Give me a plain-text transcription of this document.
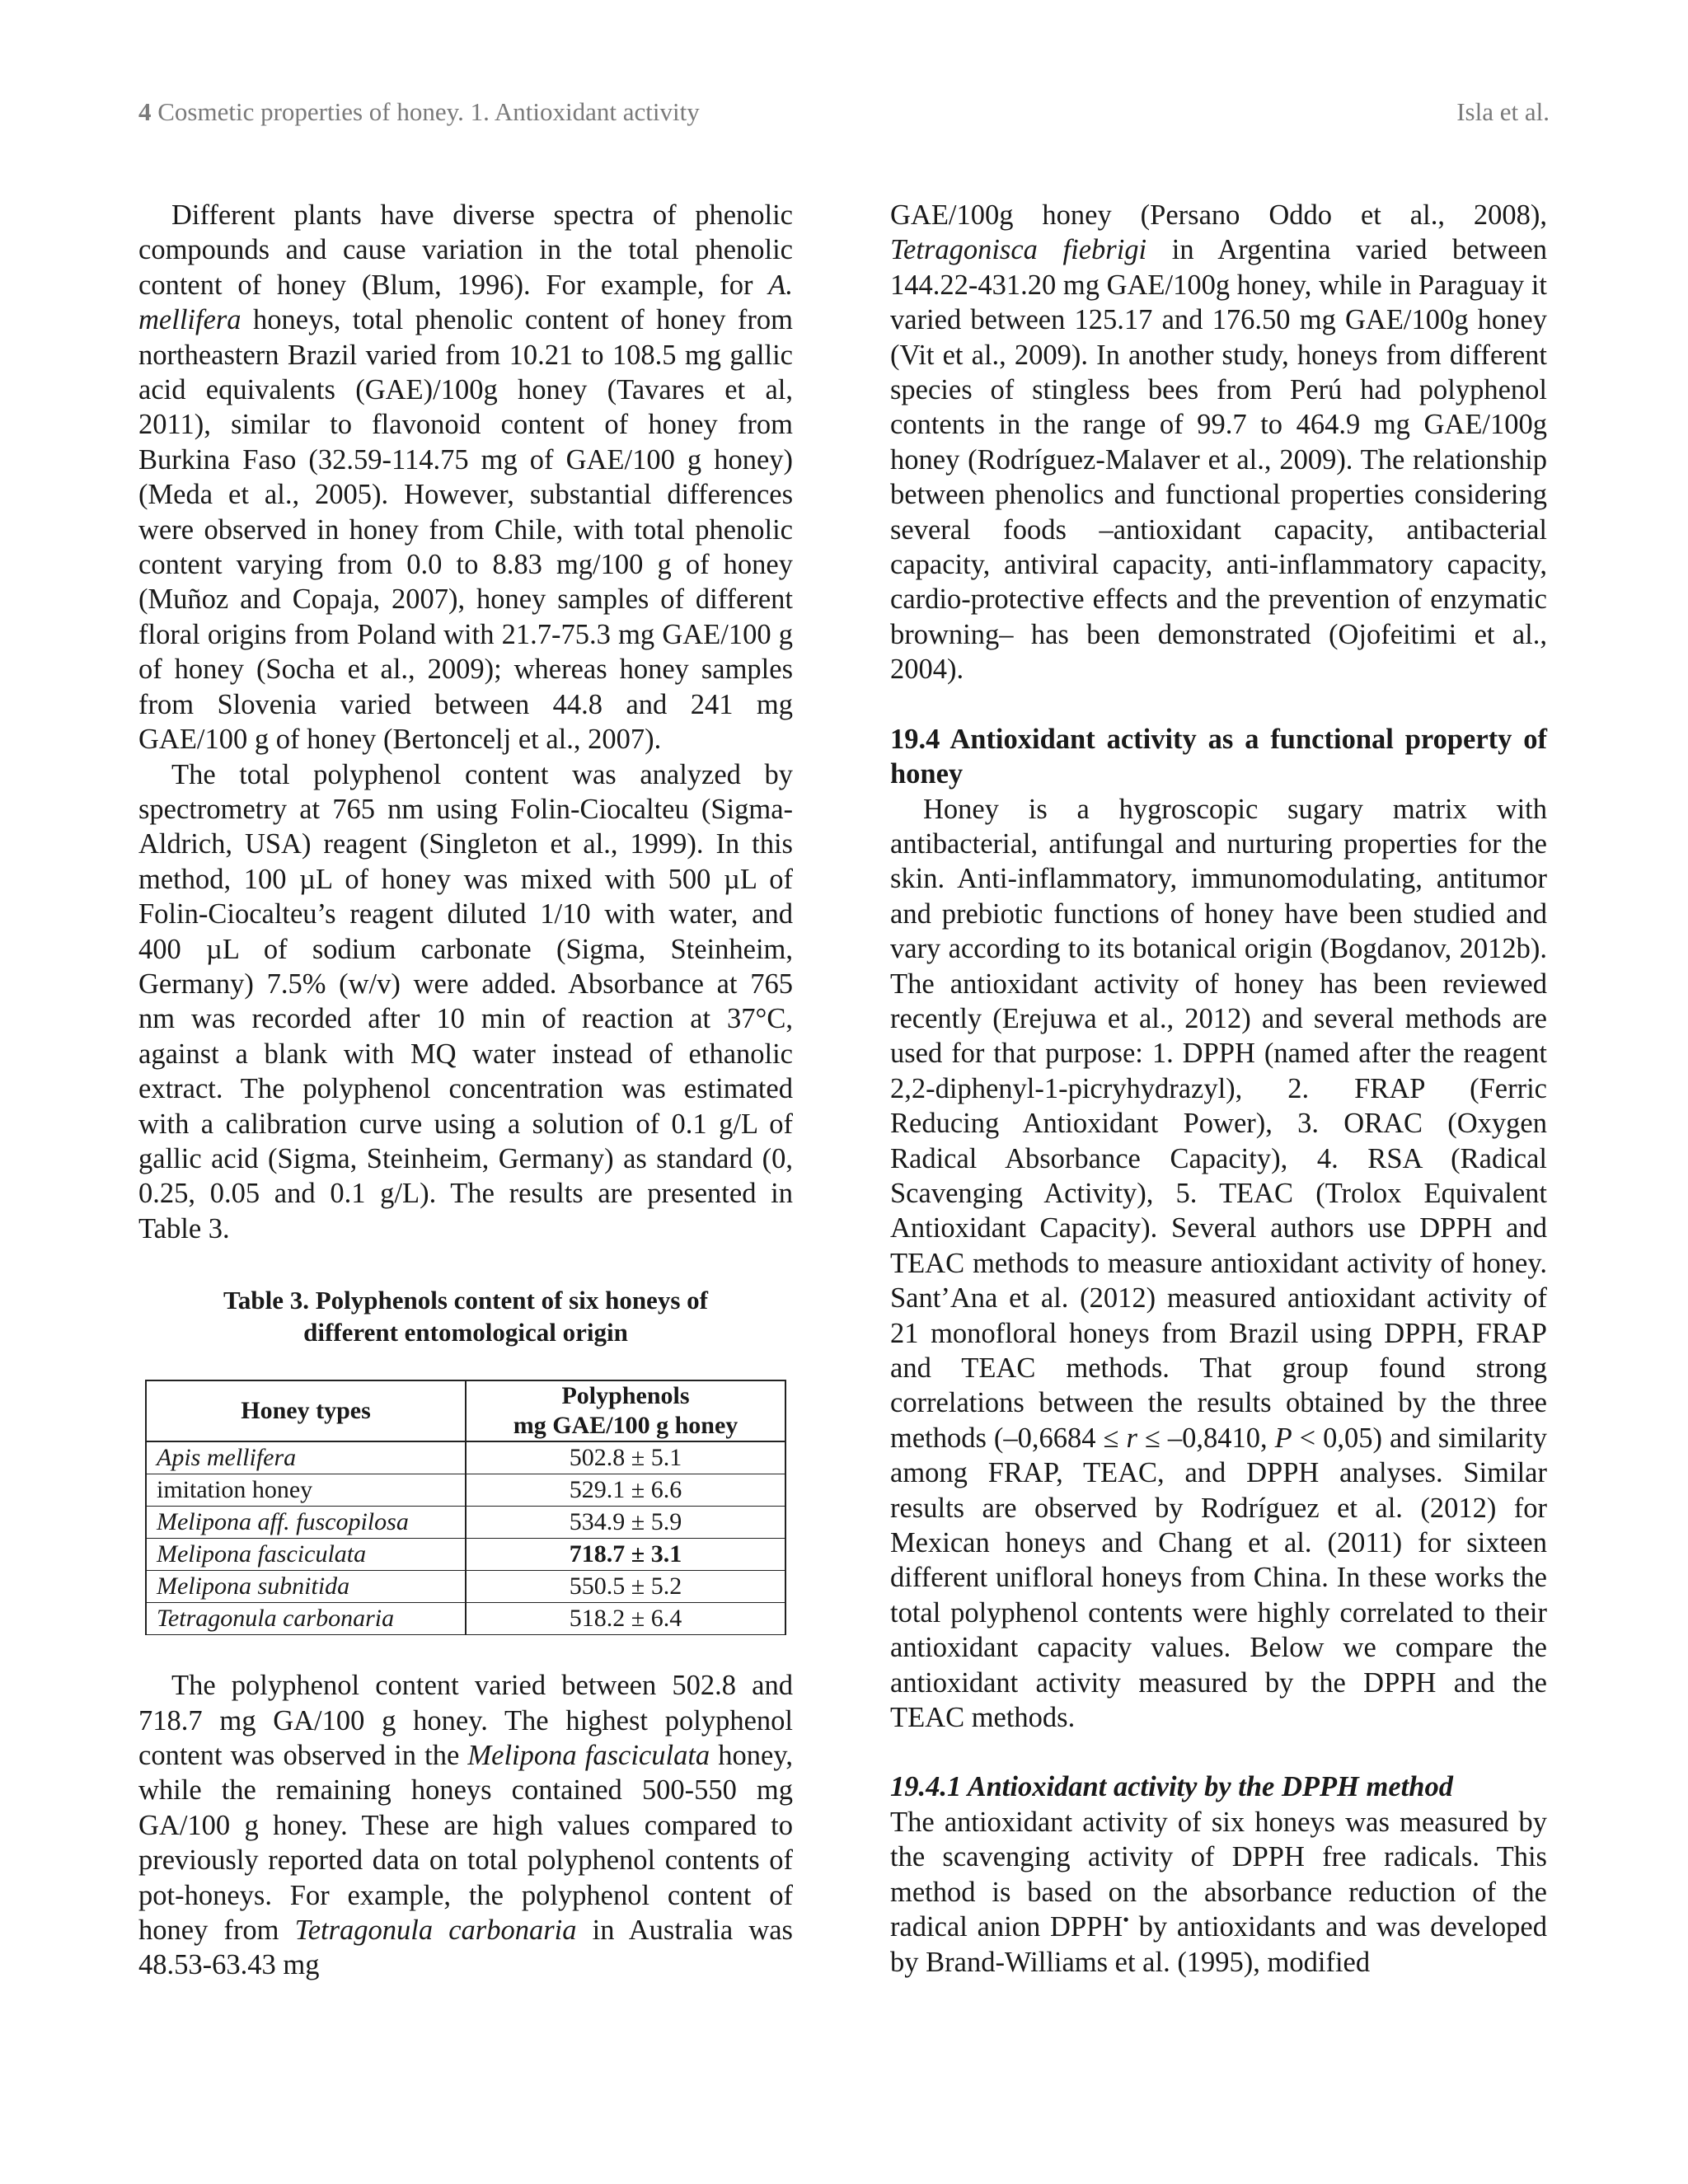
4 Cosmetic properties of honey. 1. Antioxidant activity	Isla et al.

Different plants have diverse spectra of phenolic compounds and cause variation in the total phenolic content of honey (Blum, 1996). For example, for A. mellifera honeys, total phenolic content of honey from northeastern Brazil varied from 10.21 to 108.5 mg gallic acid equivalents (GAE)/100g honey (Tavares et al, 2011), similar to flavonoid content of honey from Burkina Faso (32.59-114.75 mg of GAE/100 g honey) (Meda et al., 2005). However, substantial differences were observed in honey from Chile, with total phenolic content varying from 0.0 to 8.83 mg/100 g of honey (Muñoz and Copaja, 2007), honey samples of different floral origins from Poland with 21.7-75.3 mg GAE/100 g of honey (Socha et al., 2009); whereas honey samples from Slovenia varied between 44.8 and 241 mg GAE/100 g of honey (Bertoncelj et al., 2007).

The total polyphenol content was analyzed by spectrometry at 765 nm using Folin-Ciocalteu (Sigma-Aldrich, USA) reagent (Singleton et al., 1999). In this method, 100 µL of honey was mixed with 500 µL of Folin-Ciocalteu’s reagent diluted 1/10 with water, and 400 µL of sodium carbonate (Sigma, Steinheim, Germany) 7.5% (w/v) were added. Absorbance at 765 nm was recorded after 10 min of reaction at 37°C, against a blank with MQ water instead of ethanolic extract. The polyphenol concentration was estimated with a calibration curve using a solution of 0.1 g/L of gallic acid (Sigma, Steinheim, Germany) as standard (0, 0.25, 0.05 and 0.1 g/L). The results are presented in Table 3.

Table 3. Polyphenols content of six honeys of
different entomological origin
Honey types	Polyphenols
mg GAE/100 g honey

Apis mellifera	502.8 ± 5.1
imitation honey	529.1 ± 6.6
Melipona aff. fuscopilosa	534.9 ± 5.9
Melipona fasciculata	718.7 ± 3.1
Melipona subnitida	550.5 ± 5.2
Tetragonula carbonaria	518.2 ± 6.4

The polyphenol content varied between 502.8 and 718.7 mg GA/100 g honey. The highest polyphenol content was observed in the Melipona fasciculata honey, while the remaining honeys contained 500-550 mg GA/100 g honey. These are high values compared to previously reported data on total polyphenol contents of pot-honeys. For example, the polyphenol content of honey from Tetragonula carbonaria in Australia was 48.53-63.43 mg

GAE/100g honey (Persano Oddo et al., 2008), Tetragonisca fiebrigi in Argentina varied between 144.22-431.20 mg GAE/100g honey, while in Paraguay it varied between 125.17 and 176.50 mg GAE/100g honey (Vit et al., 2009). In another study, honeys from different species of stingless bees from Perú had polyphenol contents in the range of 99.7 to 464.9 mg GAE/100g honey (Rodríguez-Malaver et al., 2009). The relationship between phenolics and functional properties considering several foods –antioxidant capacity, antibacterial capacity, antiviral capacity, anti-inflammatory capacity, cardio-protective effects and the prevention of enzymatic browning– has been demonstrated (Ojofeitimi et al., 2004).

19.4 Antioxidant activity as a functional property of honey

Honey is a hygroscopic sugary matrix with antibacterial, antifungal and nurturing properties for the skin. Anti-inflammatory, immunomodulating, antitumor and prebiotic functions of honey have been studied and vary according to its botanical origin (Bogdanov, 2012b). The antioxidant activity of honey has been reviewed recently (Erejuwa et al., 2012) and several methods are used for that purpose: 1. DPPH (named after the reagent 2,2-diphenyl-1-picryhydrazyl), 2. FRAP (Ferric Reducing Antioxidant Power), 3. ORAC (Oxygen Radical Absorbance Capacity), 4. RSA (Radical Scavenging Activity), 5. TEAC (Trolox Equivalent Antioxidant Capacity). Several authors use DPPH and TEAC methods to measure antioxidant activity of honey. Sant’Ana et al. (2012) measured antioxidant activity of 21 monofloral honeys from Brazil using DPPH, FRAP and TEAC methods. That group found strong correlations between the results obtained by the three methods (–0,6684 ≤ r ≤ –0,8410, P < 0,05) and similarity among FRAP, TEAC, and DPPH analyses. Similar results are observed by Rodríguez et al. (2012) for Mexican honeys and Chang et al. (2011) for sixteen different unifloral honeys from China. In these works the total polyphenol contents were highly correlated to their antioxidant capacity values. Below we compare the antioxidant activity measured by the DPPH and the TEAC methods.

19.4.1 Antioxidant activity by the DPPH method

The antioxidant activity of six honeys was measured by the scavenging activity of DPPH free radicals. This method is based on the absorbance reduction of the radical anion DPPH• by antioxidants and was developed by Brand-Williams et al. (1995), modified
